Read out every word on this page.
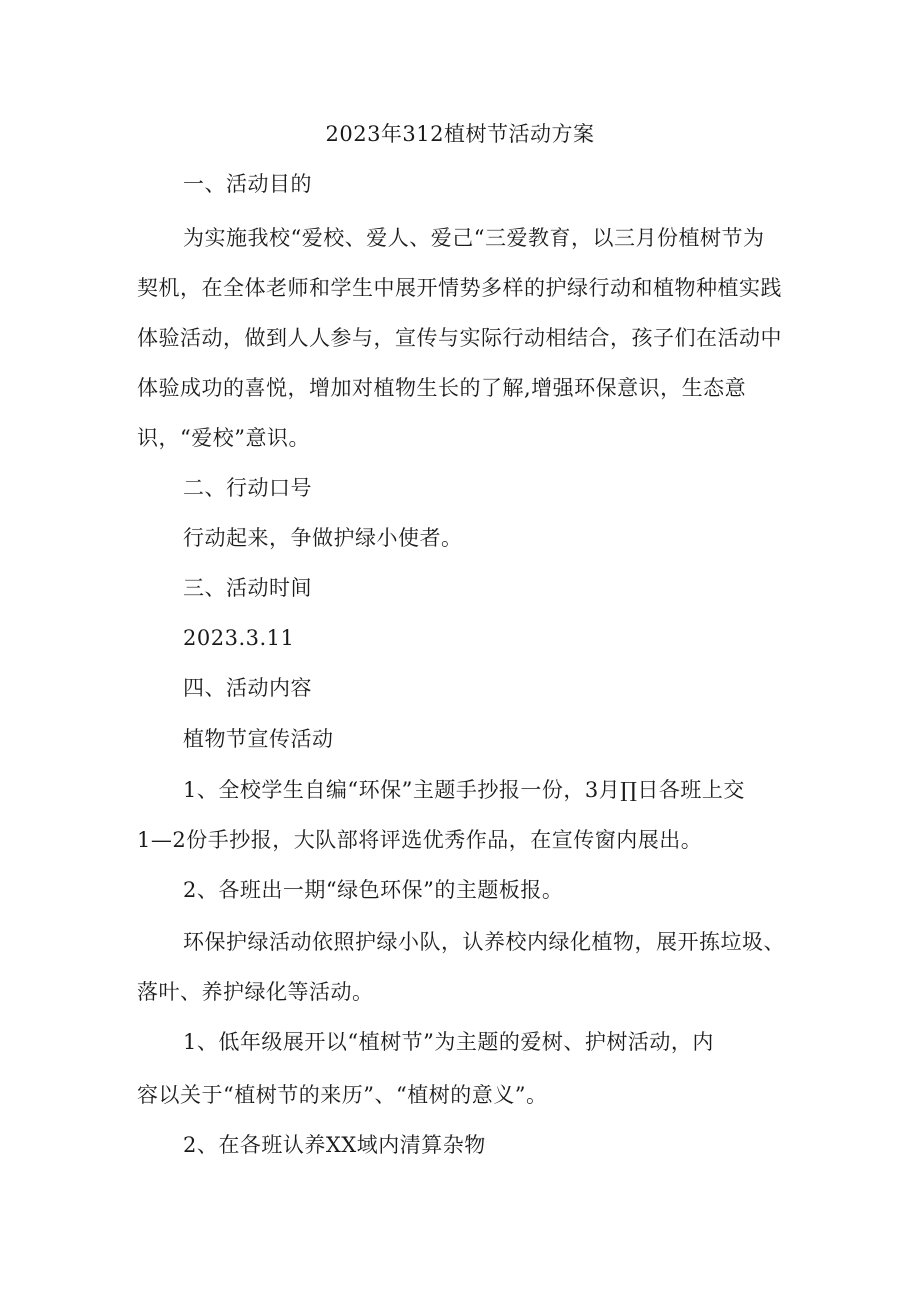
2023年312植树节活动方案
一、活动目的
为实施我校“爱校、爱人、爱己“三爱教育，以三月份植树节为
契机，在全体老师和学生中展开情势多样的护绿行动和植物种植实践
体验活动，做到人人参与，宣传与实际行动相结合，孩子们在活动中
体验成功的喜悦，增加对植物生长的了解,增强环保意识，生态意
识，“爱校”意识。
二、行动口号
行动起来，争做护绿小使者。
三、活动时间
2023.3.11
四、活动内容
植物节宣传活动
1、全校学生自编“环保”主题手抄报一份，3月∏日各班上交
1—2份手抄报，大队部将评选优秀作品，在宣传窗内展出。
2、各班出一期“绿色环保”的主题板报。
环保护绿活动依照护绿小队，认养校内绿化植物，展开拣垃圾、
落叶、养护绿化等活动。
1、低年级展开以“植树节”为主题的爱树、护树活动，内
容以关于“植树节的来历”、“植树的意义”。
2、在各班认养XX域内清算杂物
